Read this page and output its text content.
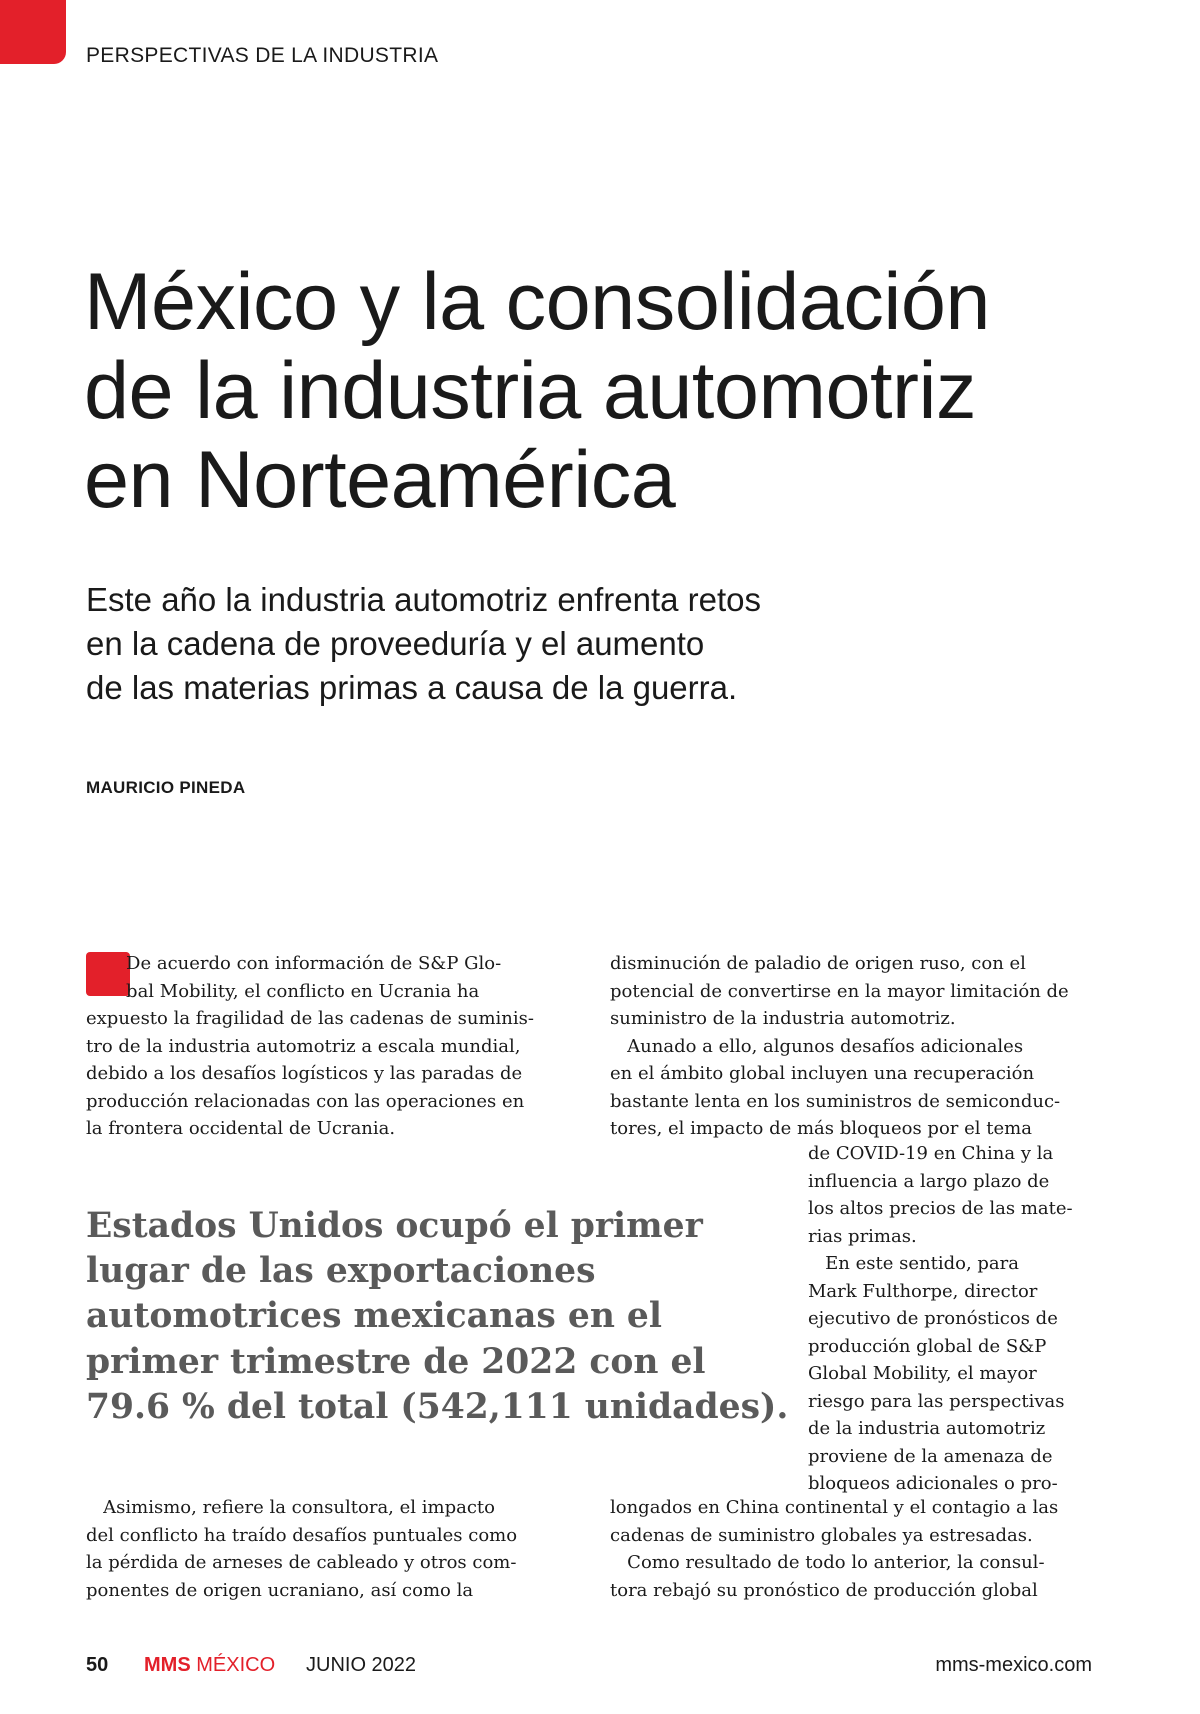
PERSPECTIVAS DE LA INDUSTRIA
México y la consolidación
de la industria automotriz
en Norteamérica

Este año la industria automotriz enfrenta retos
en la cadena de proveeduría y el aumento
de las materias primas a causa de la guerra.

MAURICIO PINEDA
De acuerdo con información de S&P Glo-
bal Mobility, el conflicto en Ucrania ha
expuesto la fragilidad de las cadenas de suminis-
tro de la industria automotriz a escala mundial,
debido a los desafíos logísticos y las paradas de
producción relacionadas con las operaciones en
la frontera occidental de Ucrania.
Estados Unidos ocupó el primer
lugar de las exportaciones
automotrices mexicanas en el
primer trimestre de 2022 con el
79.6 % del total (542,111 unidades).
Asimismo, refiere la consultora, el impacto
del conflicto ha traído desafíos puntuales como
la pérdida de arneses de cableado y otros com-
ponentes de origen ucraniano, así como la
disminución de paladio de origen ruso, con el
potencial de convertirse en la mayor limitación de
suministro de la industria automotriz.
Aunado a ello, algunos desafíos adicionales
en el ámbito global incluyen una recuperación
bastante lenta en los suministros de semiconduc-
tores, el impacto de más bloqueos por el tema
de COVID-19 en China y la
influencia a largo plazo de
los altos precios de las mate-
rias primas.
En este sentido, para
Mark Fulthorpe, director
ejecutivo de pronósticos de
producción global de S&P
Global Mobility, el mayor
riesgo para las perspectivas
de la industria automotriz
proviene de la amenaza de
bloqueos adicionales o pro-
longados en China continental y el contagio a las
cadenas de suministro globales ya estresadas.
Como resultado de todo lo anterior, la consul-
tora rebajó su pronóstico de producción global
50 MMS MÉXICO JUNIO 2022	mms-mexico.com
